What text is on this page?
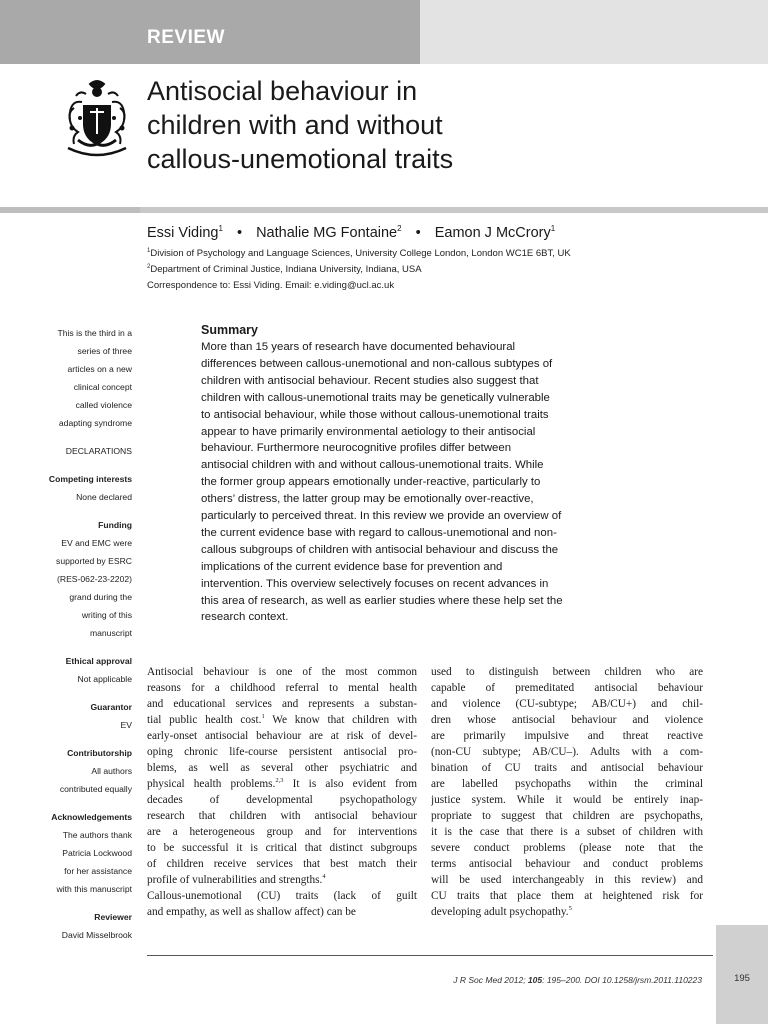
REVIEW
Antisocial behaviour in
children with and without
callous-unemotional traits
Essi Viding$^1$ • Nathalie MG Fontaine$^2$ • Eamon J McCrory$^1$
$^1$Division of Psychology and Language Sciences, University College London, London WC1E 6BT, UK
$^2$Department of Criminal Justice, Indiana University, Indiana, USA
Correspondence to: Essi Viding. Email: e.viding@ucl.ac.uk

This is the third in a

series of three

articles on a new

clinical concept

called violence

adapting syndrome

DECLARATIONS

Competing interests

None declared

Funding

EV and EMC were

supported by ESRC

(RES-062-23-2202)

grand during the

writing of this

manuscript

Ethical approval

Not applicable

Guarantor

EV

Contributorship

All authors

contributed equally

Acknowledgements

The authors thank

Patricia Lockwood

for her assistance

with this manuscript

Reviewer

David Misselbrook

Summary
More than 15 years of research have documented behavioural
differences between callous-unemotional and non-callous subtypes of
children with antisocial behaviour. Recent studies also suggest that
children with callous-unemotional traits may be genetically vulnerable
to antisocial behaviour, while those without callous-unemotional traits
appear to have primarily environmental aetiology to their antisocial
behaviour. Furthermore neurocognitive profiles differ between
antisocial children with and without callous-unemotional traits. While
the former group appears emotionally under-reactive, particularly to
others’ distress, the latter group may be emotionally over-reactive,
particularly to perceived threat. In this review we provide an overview of
the current evidence base with regard to callous-unemotional and non-
callous subgroups of children with antisocial behaviour and discuss the
implications of the current evidence base for prevention and
intervention. This overview selectively focuses on recent advances in
this area of research, as well as earlier studies where these help set the
research context.
Antisocial behaviour is one of the most common
reasons for a childhood referral to mental health
and educational services and represents a substan-
tial public health cost.$^1$ We know that children with
early-onset antisocial behaviour are at risk of devel-
oping chronic life-course persistent antisocial pro-
blems, as well as several other psychiatric and
physical health problems.$^{2,3}$ It is also evident from
decades of developmental psychopathology
research that children with antisocial behaviour
are a heterogeneous group and for interventions
to be successful it is critical that distinct subgroups
of children receive services that best match their
profile of vulnerabilities and strengths.$^4$
Callous-unemotional (CU) traits (lack of guilt
and empathy, as well as shallow affect) can be
used to distinguish between children who are
capable of premeditated antisocial behaviour
and violence (CU-subtype; AB/CU+) and chil-
dren whose antisocial behaviour and violence
are primarily impulsive and threat reactive
(non-CU subtype; AB/CU–). Adults with a com-
bination of CU traits and antisocial behaviour
are labelled psychopaths within the criminal
justice system. While it would be entirely inap-
propriate to suggest that children are psychopaths,
it is the case that there is a subset of children with
severe conduct problems (please note that the
terms antisocial behaviour and conduct problems
will be used interchangeably in this review) and
CU traits that place them at heightened risk for
developing adult psychopathy.$^5$
J R Soc Med 2012; 105: 195–200. DOI 10.1258/jrsm.2011.110223	195
